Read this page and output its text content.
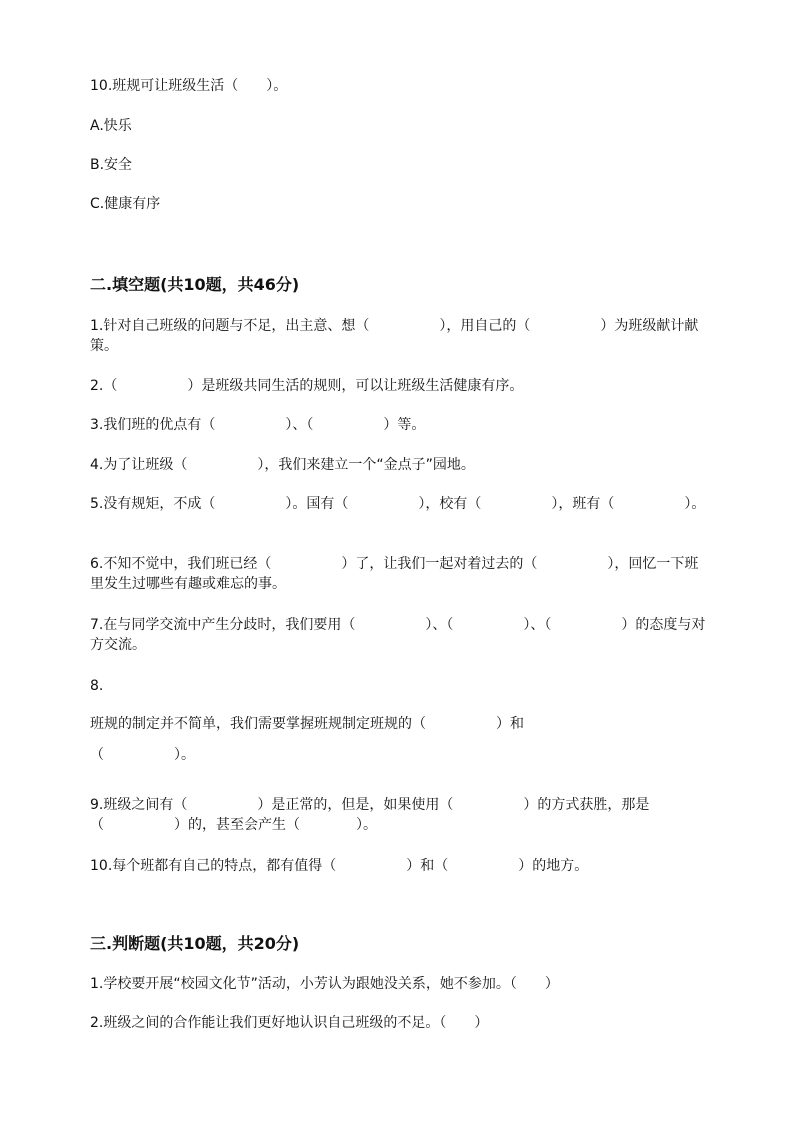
10.班规可让班级生活（　　）。
A.快乐
B.安全
C.健康有序
二.填空题(共10题，共46分)
1.针对自己班级的问题与不足，出主意、想（　　　　　），用自己的（　　　　　）为班级献计献策。
2.（　　　　　）是班级共同生活的规则，可以让班级生活健康有序。
3.我们班的优点有（　　　　　）、（　　　　　）等。
4.为了让班级（　　　　　），我们来建立一个“金点子”园地。
5.没有规矩，不成（　　　　　）。国有（　　　　　），校有（　　　　　），班有（　　　　　）。
6.不知不觉中，我们班已经（　　　　　）了，让我们一起对着过去的（　　　　　），回忆一下班里发生过哪些有趣或难忘的事。
7.在与同学交流中产生分歧时，我们要用（　　　　　）、（　　　　　）、（　　　　　）的态度与对方交流。
8.
班规的制定并不简单，我们需要掌握班规制定班规的（　　　　　）和
（　　　　　）。
9.班级之间有（　　　　　）是正常的，但是，如果使用（　　　　　）的方式获胜，那是（　　　　　）的，甚至会产生（　　　　）。
10.每个班都有自己的特点，都有值得（　　　　　）和（　　　　　）的地方。
三.判断题(共10题，共20分)
1.学校要开展“校园文化节”活动，小芳认为跟她没关系，她不参加。（　　）
2.班级之间的合作能让我们更好地认识自己班级的不足。（　　）
